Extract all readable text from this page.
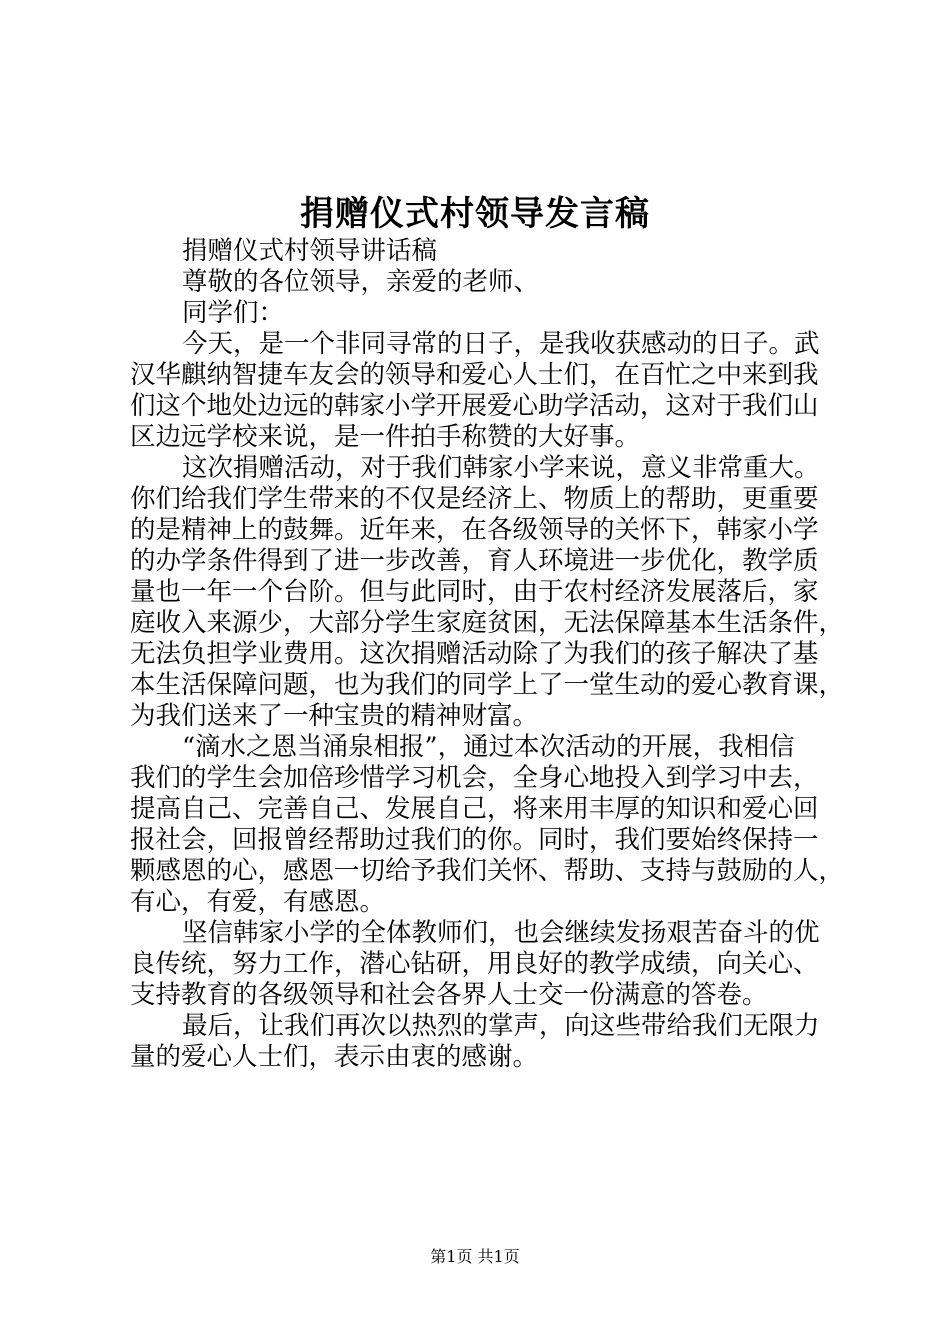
捐赠仪式村领导发言稿
捐赠仪式村领导讲话稿
尊敬的各位领导，亲爱的老师、
同学们：
今天，是一个非同寻常的日子，是我收获感动的日子。武
汉华麒纳智捷车友会的领导和爱心人士们，在百忙之中来到我
们这个地处边远的韩家小学开展爱心助学活动，这对于我们山
区边远学校来说，是一件拍手称赞的大好事。
这次捐赠活动，对于我们韩家小学来说，意义非常重大。
你们给我们学生带来的不仅是经济上、物质上的帮助，更重要
的是精神上的鼓舞。近年来，在各级领导的关怀下，韩家小学
的办学条件得到了进一步改善，育人环境进一步优化，教学质
量也一年一个台阶。但与此同时，由于农村经济发展落后，家
庭收入来源少，大部分学生家庭贫困，无法保障基本生活条件，
无法负担学业费用。这次捐赠活动除了为我们的孩子解决了基
本生活保障问题，也为我们的同学上了一堂生动的爱心教育课，
为我们送来了一种宝贵的精神财富。
“滴水之恩当涌泉相报”，通过本次活动的开展，我相信
我们的学生会加倍珍惜学习机会，全身心地投入到学习中去，
提高自己、完善自己、发展自己，将来用丰厚的知识和爱心回
报社会，回报曾经帮助过我们的你。同时，我们要始终保持一
颗感恩的心，感恩一切给予我们关怀、帮助、支持与鼓励的人，
有心，有爱，有感恩。
坚信韩家小学的全体教师们，也会继续发扬艰苦奋斗的优
良传统，努力工作，潜心钻研，用良好的教学成绩，向关心、
支持教育的各级领导和社会各界人士交一份满意的答卷。
最后，让我们再次以热烈的掌声，向这些带给我们无限力
量的爱心人士们，表示由衷的感谢。
第1页 共1页
